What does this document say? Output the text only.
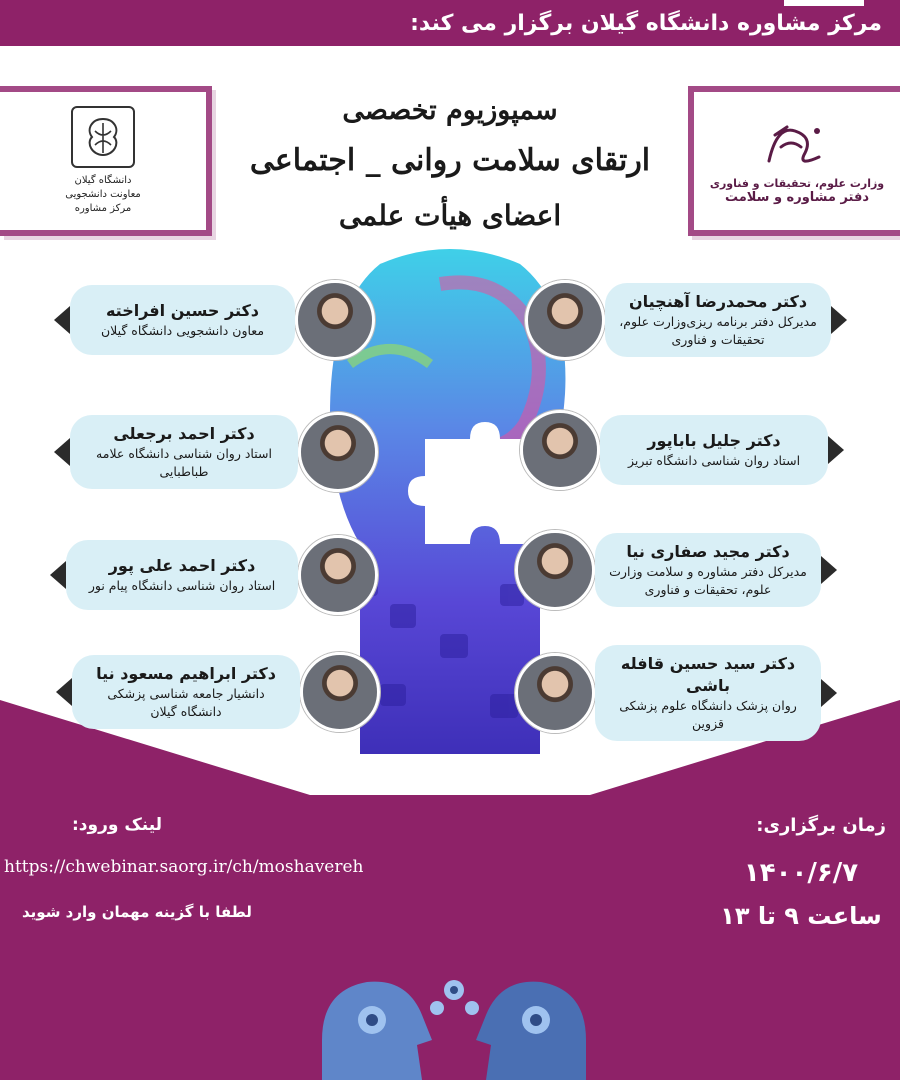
مرکز مشاوره دانشگاه گیلان برگزار می کند:
دانشگاه گیلان
معاونت دانشجویی
مرکز مشاوره
وزارت علوم، تحقیقات و فناوری
دفتر مشاوره و سلامت
سمپوزیوم تخصصی
ارتقای سلامت روانی _ اجتماعی
اعضای هیأت علمی
دکتر حسین افراخته
معاون دانشجویی دانشگاه گیلان
دکتر احمد برجعلی
استاد روان شناسی دانشگاه علامه طباطبایی
دکتر احمد علی پور
استاد روان شناسی دانشگاه پیام نور
دکتر ابراهیم مسعود نیا
دانشیار جامعه شناسی پزشکی دانشگاه گیلان
دکتر محمدرضا آهنچیان
مدیرکل دفتر برنامه ریزی‌وزارت علوم، تحقیقات و فناوری
دکتر جلیل باباپور
استاد روان شناسی دانشگاه تبریز
دکتر مجید صفاری نیا
مدیرکل دفتر مشاوره و سلامت وزارت علوم، تحقیقات و فناوری
دکتر سید حسین قافله باشی
روان پزشک دانشگاه علوم پزشکی قزوین
زمان برگزاری:
۱۴۰۰/۶/۷
ساعت ۹ تا ۱۳
لینک ورود:
https://chwebinar.saorg.ir/ch/moshavereh
لطفا با گزینه مهمان وارد شوید
